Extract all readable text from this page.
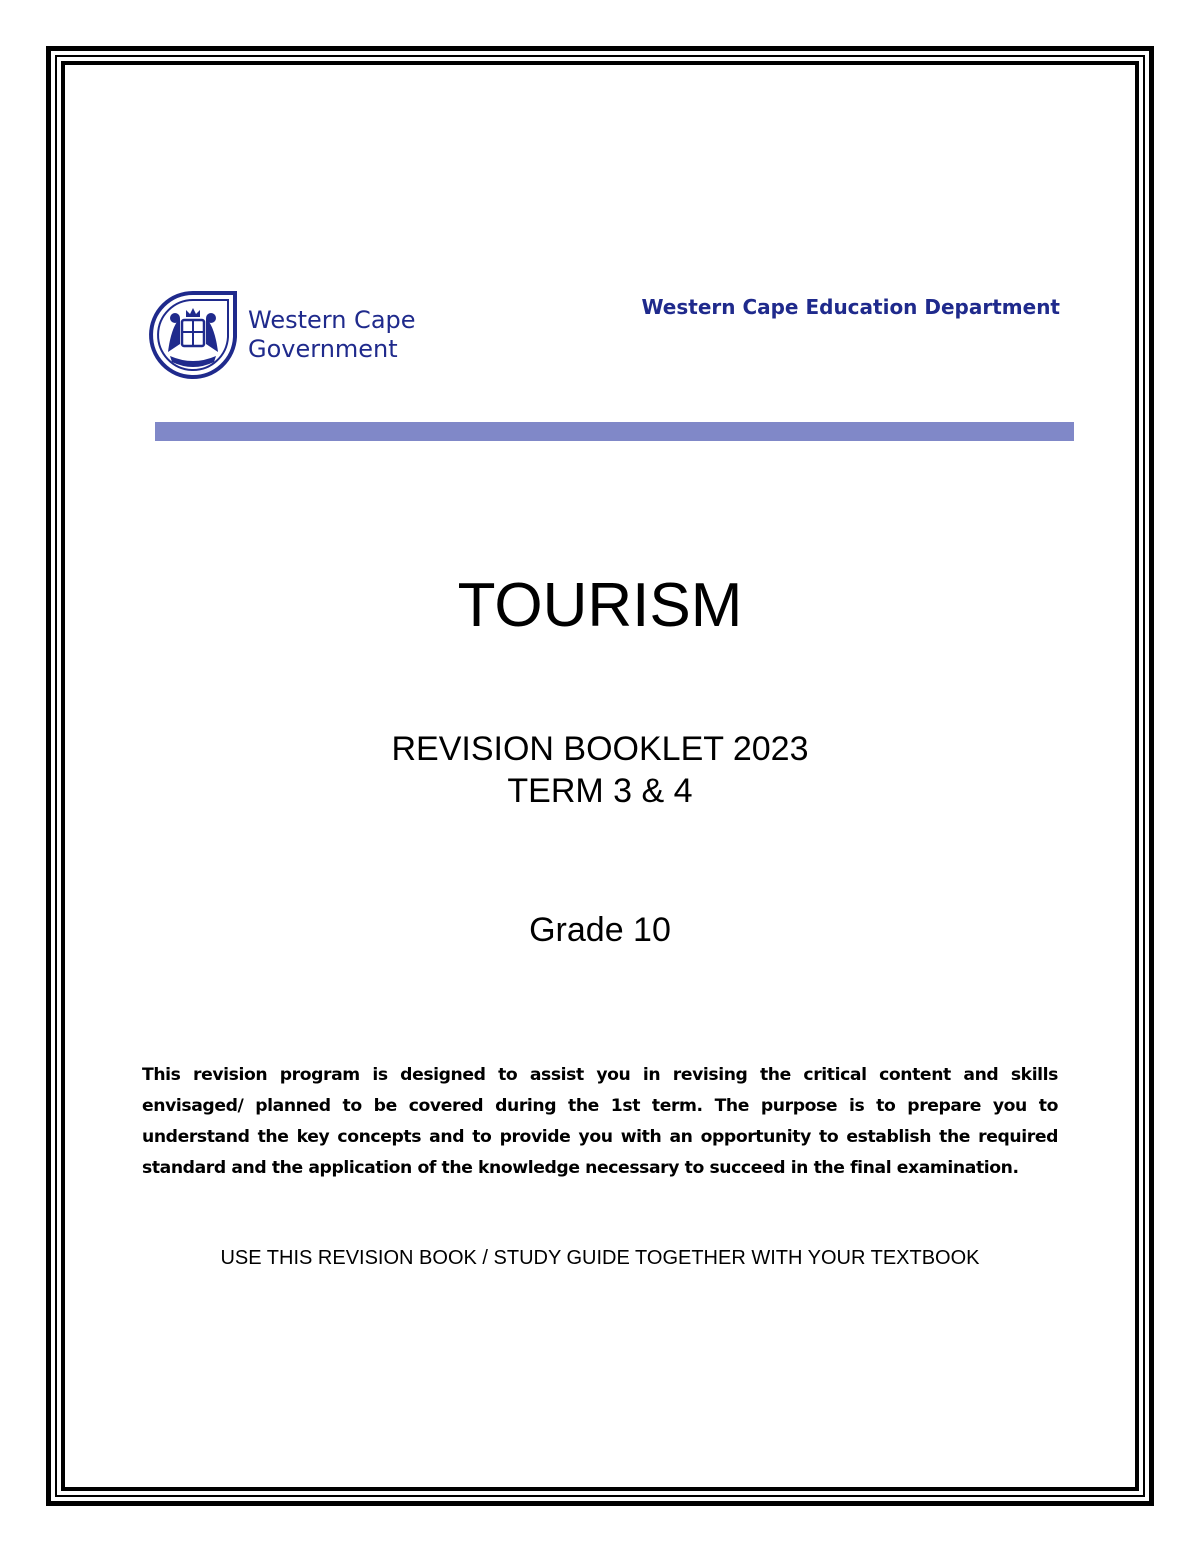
Western Cape
Government
Western Cape Education Department
TOURISM
REVISION BOOKLET 2023
TERM 3 & 4
Grade 10
This revision program is designed to assist you in revising the critical content and skills envisaged/ planned to be covered during the 1st term. The purpose is to prepare you to understand the key concepts and to provide you with an opportunity to establish the required standard and the application of the knowledge necessary to succeed in the final examination.
USE THIS REVISION BOOK / STUDY GUIDE TOGETHER WITH YOUR TEXTBOOK
